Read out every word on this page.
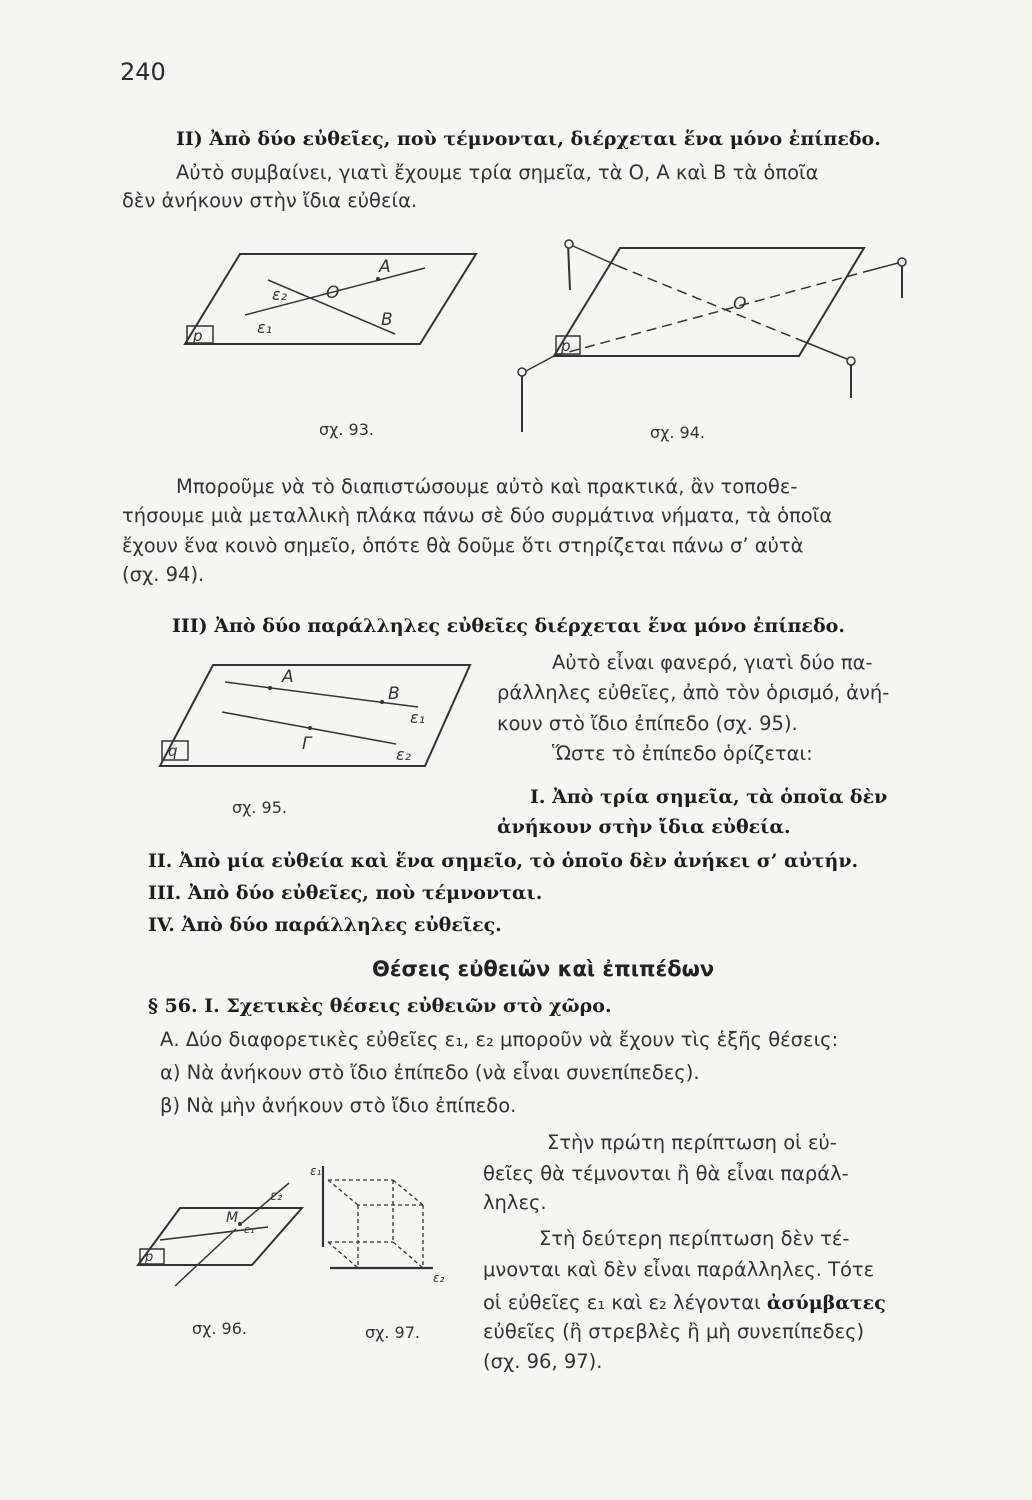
240
II) Ἀπὸ δύο εὐθεῖες, ποὺ τέμνονται, διέρχεται ἕνα μόνο ἐπίπεδο.
Αὐτὸ συμβαίνει, γιατὶ ἔχουμε τρία σημεῖα, τὰ Ο, Α καὶ Β τὰ ὁποῖα
δὲν ἀνήκουν στὴν ἴδια εὐθεία.
ε₂ O
A
ε₁	B
p
σχ. 93.
O
p
σχ. 94.
Μποροῦμε νὰ τὸ διαπιστώσουμε αὐτὸ καὶ πρακτικά, ἂν τοποθε-
τήσουμε μιὰ μεταλλικὴ πλάκα πάνω σὲ δύο συρμάτινα νήματα, τὰ ὁποῖα
ἔχουν ἕνα κοινὸ σημεῖο, ὁπότε θὰ δοῦμε ὅτι στηρίζεται πάνω σ’ αὐτὰ
(σχ. 94).
III) Ἀπὸ δύο παράλληλες εὐθεῖες διέρχεται ἕνα μόνο ἐπίπεδο.
A
B
ε₁
Γ
ε₂
q
σχ. 95.
Αὐτὸ εἶναι φανερό, γιατὶ δύο πα-
ράλληλες εὐθεῖες, ἀπὸ τὸν ὁρισμό, ἀνή-
κουν στὸ ἴδιο ἐπίπεδο (σχ. 95).
Ὥστε τὸ ἐπίπεδο ὁρίζεται:
I. Ἀπὸ τρία σημεῖα, τὰ ὁποῖα δὲν
ἀνήκουν στὴν ἴδια εὐθεία.
II. Ἀπὸ μία εὐθεία καὶ ἕνα σημεῖο, τὸ ὁποῖο δὲν ἀνήκει σ’ αὐτήν.
III. Ἀπὸ δύο εὐθεῖες, ποὺ τέμνονται.
IV. Ἀπὸ δύο παράλληλες εὐθεῖες.
Θέσεις εὐθειῶν καὶ ἐπιπέδων
§ 56. I. Σχετικὲς θέσεις εὐθειῶν στὸ χῶρο.
Α. Δύο διαφορετικὲς εὐθεῖες ε₁, ε₂ μποροῦν νὰ ἔχουν τὶς ἑξῆς θέσεις:
α) Νὰ ἀνήκουν στὸ ἴδιο ἐπίπεδο (νὰ εἶναι συνεπίπεδες).
β) Νὰ μὴν ἀνήκουν στὸ ἴδιο ἐπίπεδο.
ε₂
M
ε₁
p
σχ. 96.
ε₁
ε₂
σχ. 97.
Στὴν πρώτη περίπτωση οἱ εὐ-
θεῖες θὰ τέμνονται ἢ θὰ εἶναι παράλ-
ληλες.
Στὴ δεύτερη περίπτωση δὲν τέ-
μνονται καὶ δὲν εἶναι παράλληλες. Τότε
οἱ εὐθεῖες ε₁ καὶ ε₂ λέγονται ἀσύμβατες
εὐθεῖες (ἢ στρεβλὲς ἢ μὴ συνεπίπεδες)
(σχ. 96, 97).
